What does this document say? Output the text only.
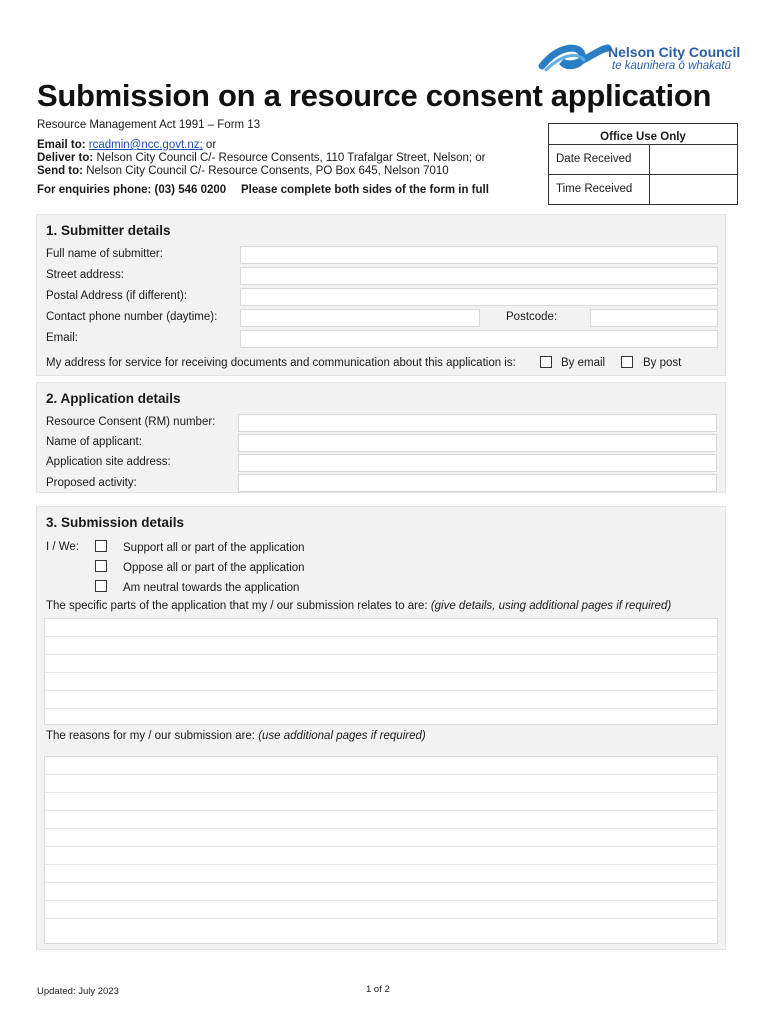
Nelson City Council
te kaunihera ō whakatū
Submission on a resource consent application
Resource Management Act 1991 – Form 13
Email to: rcadmin@ncc.govt.nz; or
Deliver to: Nelson City Council C/- Resource Consents, 110 Trafalgar Street, Nelson; or
Send to: Nelson City Council C/- Resource Consents, PO Box 645, Nelson 7010
For enquiries phone: (03) 546 0200 Please complete both sides of the form in full
Office Use Only
Date Received
Time Received
1. Submitter details
Full name of submitter:
Street address:
Postal Address (if different):
Contact phone number (daytime):	Postcode:
Email:
My address for service for receiving documents and communication about this application is:	By email	By post
2. Application details
Resource Consent (RM) number:
Name of applicant:
Application site address:
Proposed activity:
3. Submission details
I / We:	Support all or part of the application
Oppose all or part of the application
Am neutral towards the application
The specific parts of the application that my / our submission relates to are: (give details, using additional pages if required)
The reasons for my / our submission are: (use additional pages if required)
Updated: July 2023	1 of 2
